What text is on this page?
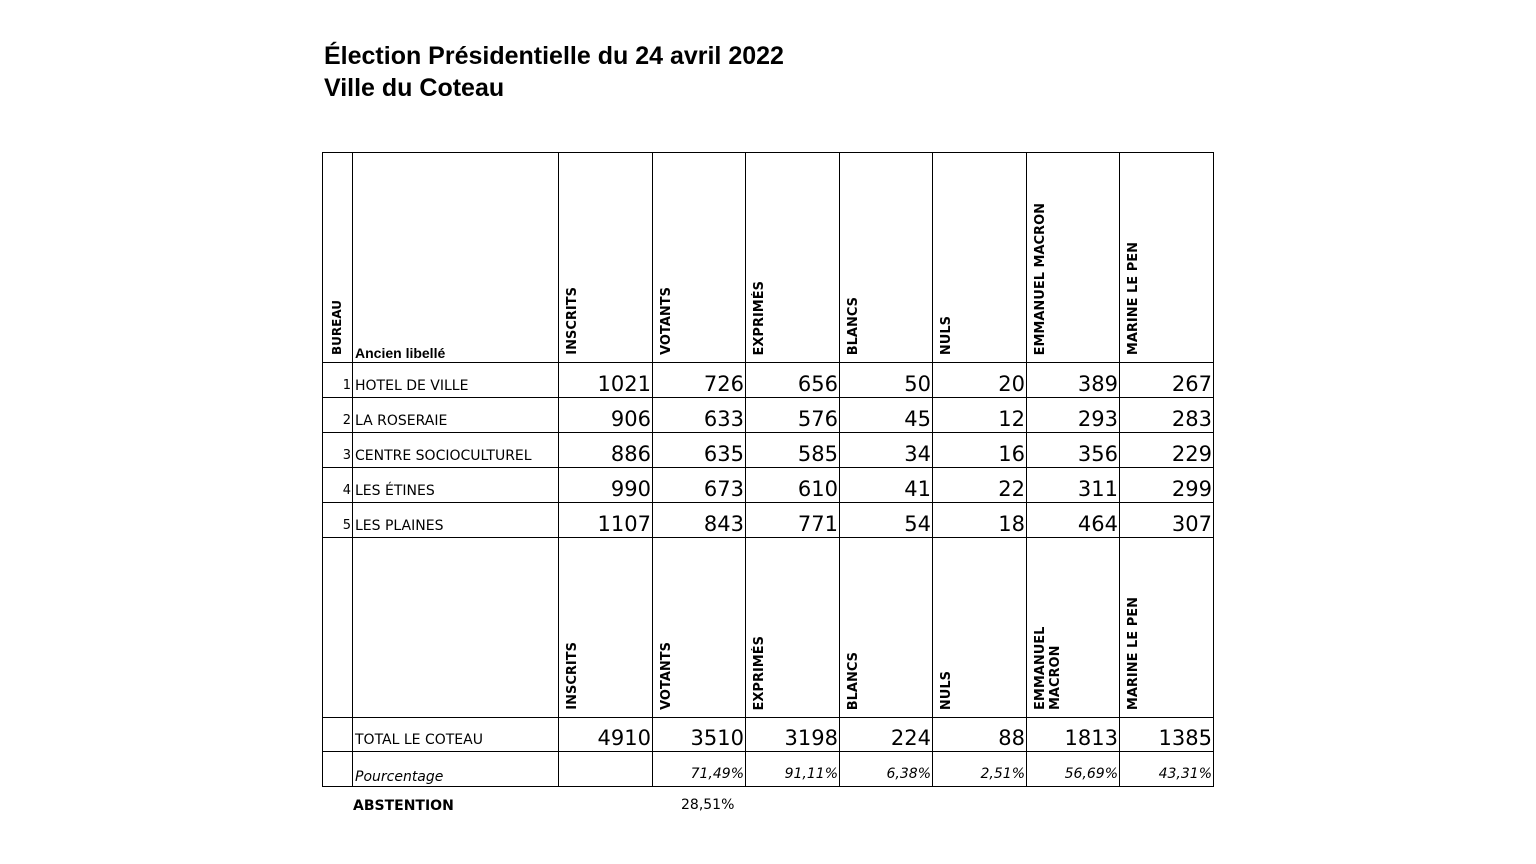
Élection Présidentielle du 24 avril 2022
Ville du Coteau
BUREAU	Ancien libellé	INSCRITS	VOTANTS	EXPRIMÉS	BLANCS	NULS	EMMANUEL MACRON	MARINE LE PEN
1	HOTEL DE VILLE	1021	726	656	50	20	389	267
2	LA ROSERAIE	906	633	576	45	12	293	283
3	CENTRE SOCIOCULTUREL	886	635	585	34	16	356	229
4	LES ÉTINES	990	673	610	41	22	311	299
5	LES PLAINES	1107	843	771	54	18	464	307
		INSCRITS	VOTANTS	EXPRIMÉS	BLANCS	NULS	EMMANUEL MACRON	MARINE LE PEN
	TOTAL LE COTEAU	4910	3510	3198	224	88	1813	1385
	Pourcentage		71,49%	91,11%	6,38%	2,51%	56,69%	43,31%
ABSTENTION	28,51%
